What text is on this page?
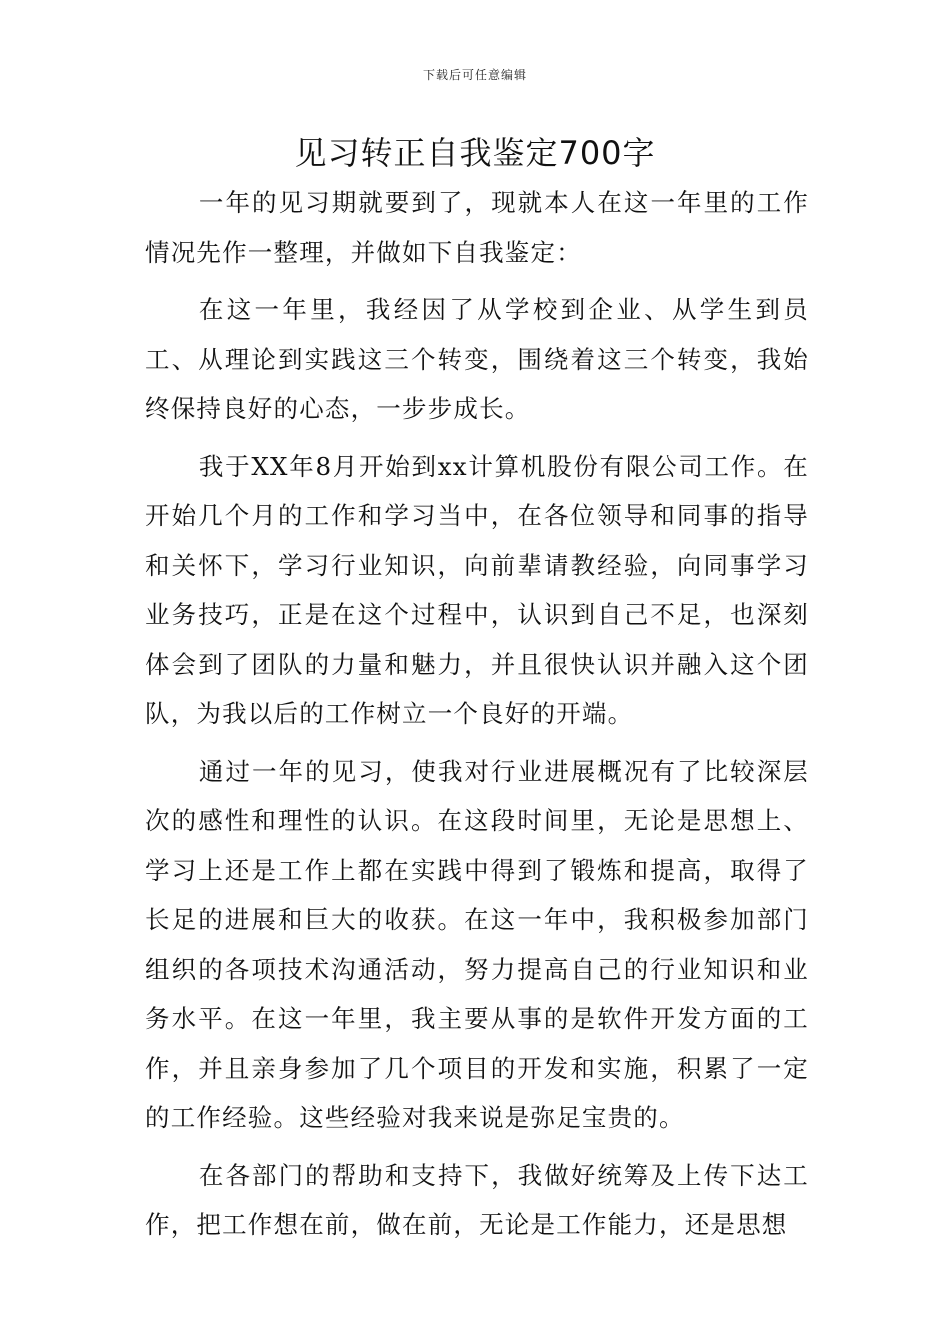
下载后可任意编辑
见习转正自我鉴定700字

一年的见习期就要到了，现就本人在这一年里的工作情况先作一整理，并做如下自我鉴定：

在这一年里，我经因了从学校到企业、从学生到员工、从理论到实践这三个转变，围绕着这三个转变，我始终保持良好的心态，一步步成长。

我于XX年8月开始到xx计算机股份有限公司工作。在开始几个月的工作和学习当中，在各位领导和同事的指导和关怀下，学习行业知识，向前辈请教经验，向同事学习业务技巧，正是在这个过程中，认识到自己不足，也深刻体会到了团队的力量和魅力，并且很快认识并融入这个团队，为我以后的工作树立一个良好的开端。

通过一年的见习，使我对行业进展概况有了比较深层次的感性和理性的认识。在这段时间里，无论是思想上、学习上还是工作上都在实践中得到了锻炼和提高，取得了长足的进展和巨大的收获。在这一年中，我积极参加部门组织的各项技术沟通活动，努力提高自己的行业知识和业务水平。在这一年里，我主要从事的是软件开发方面的工作，并且亲身参加了几个项目的开发和实施，积累了一定的工作经验。这些经验对我来说是弥足宝贵的。

在各部门的帮助和支持下，我做好统筹及上传下达工作，把工作想在前，做在前，无论是工作能力，还是思想
